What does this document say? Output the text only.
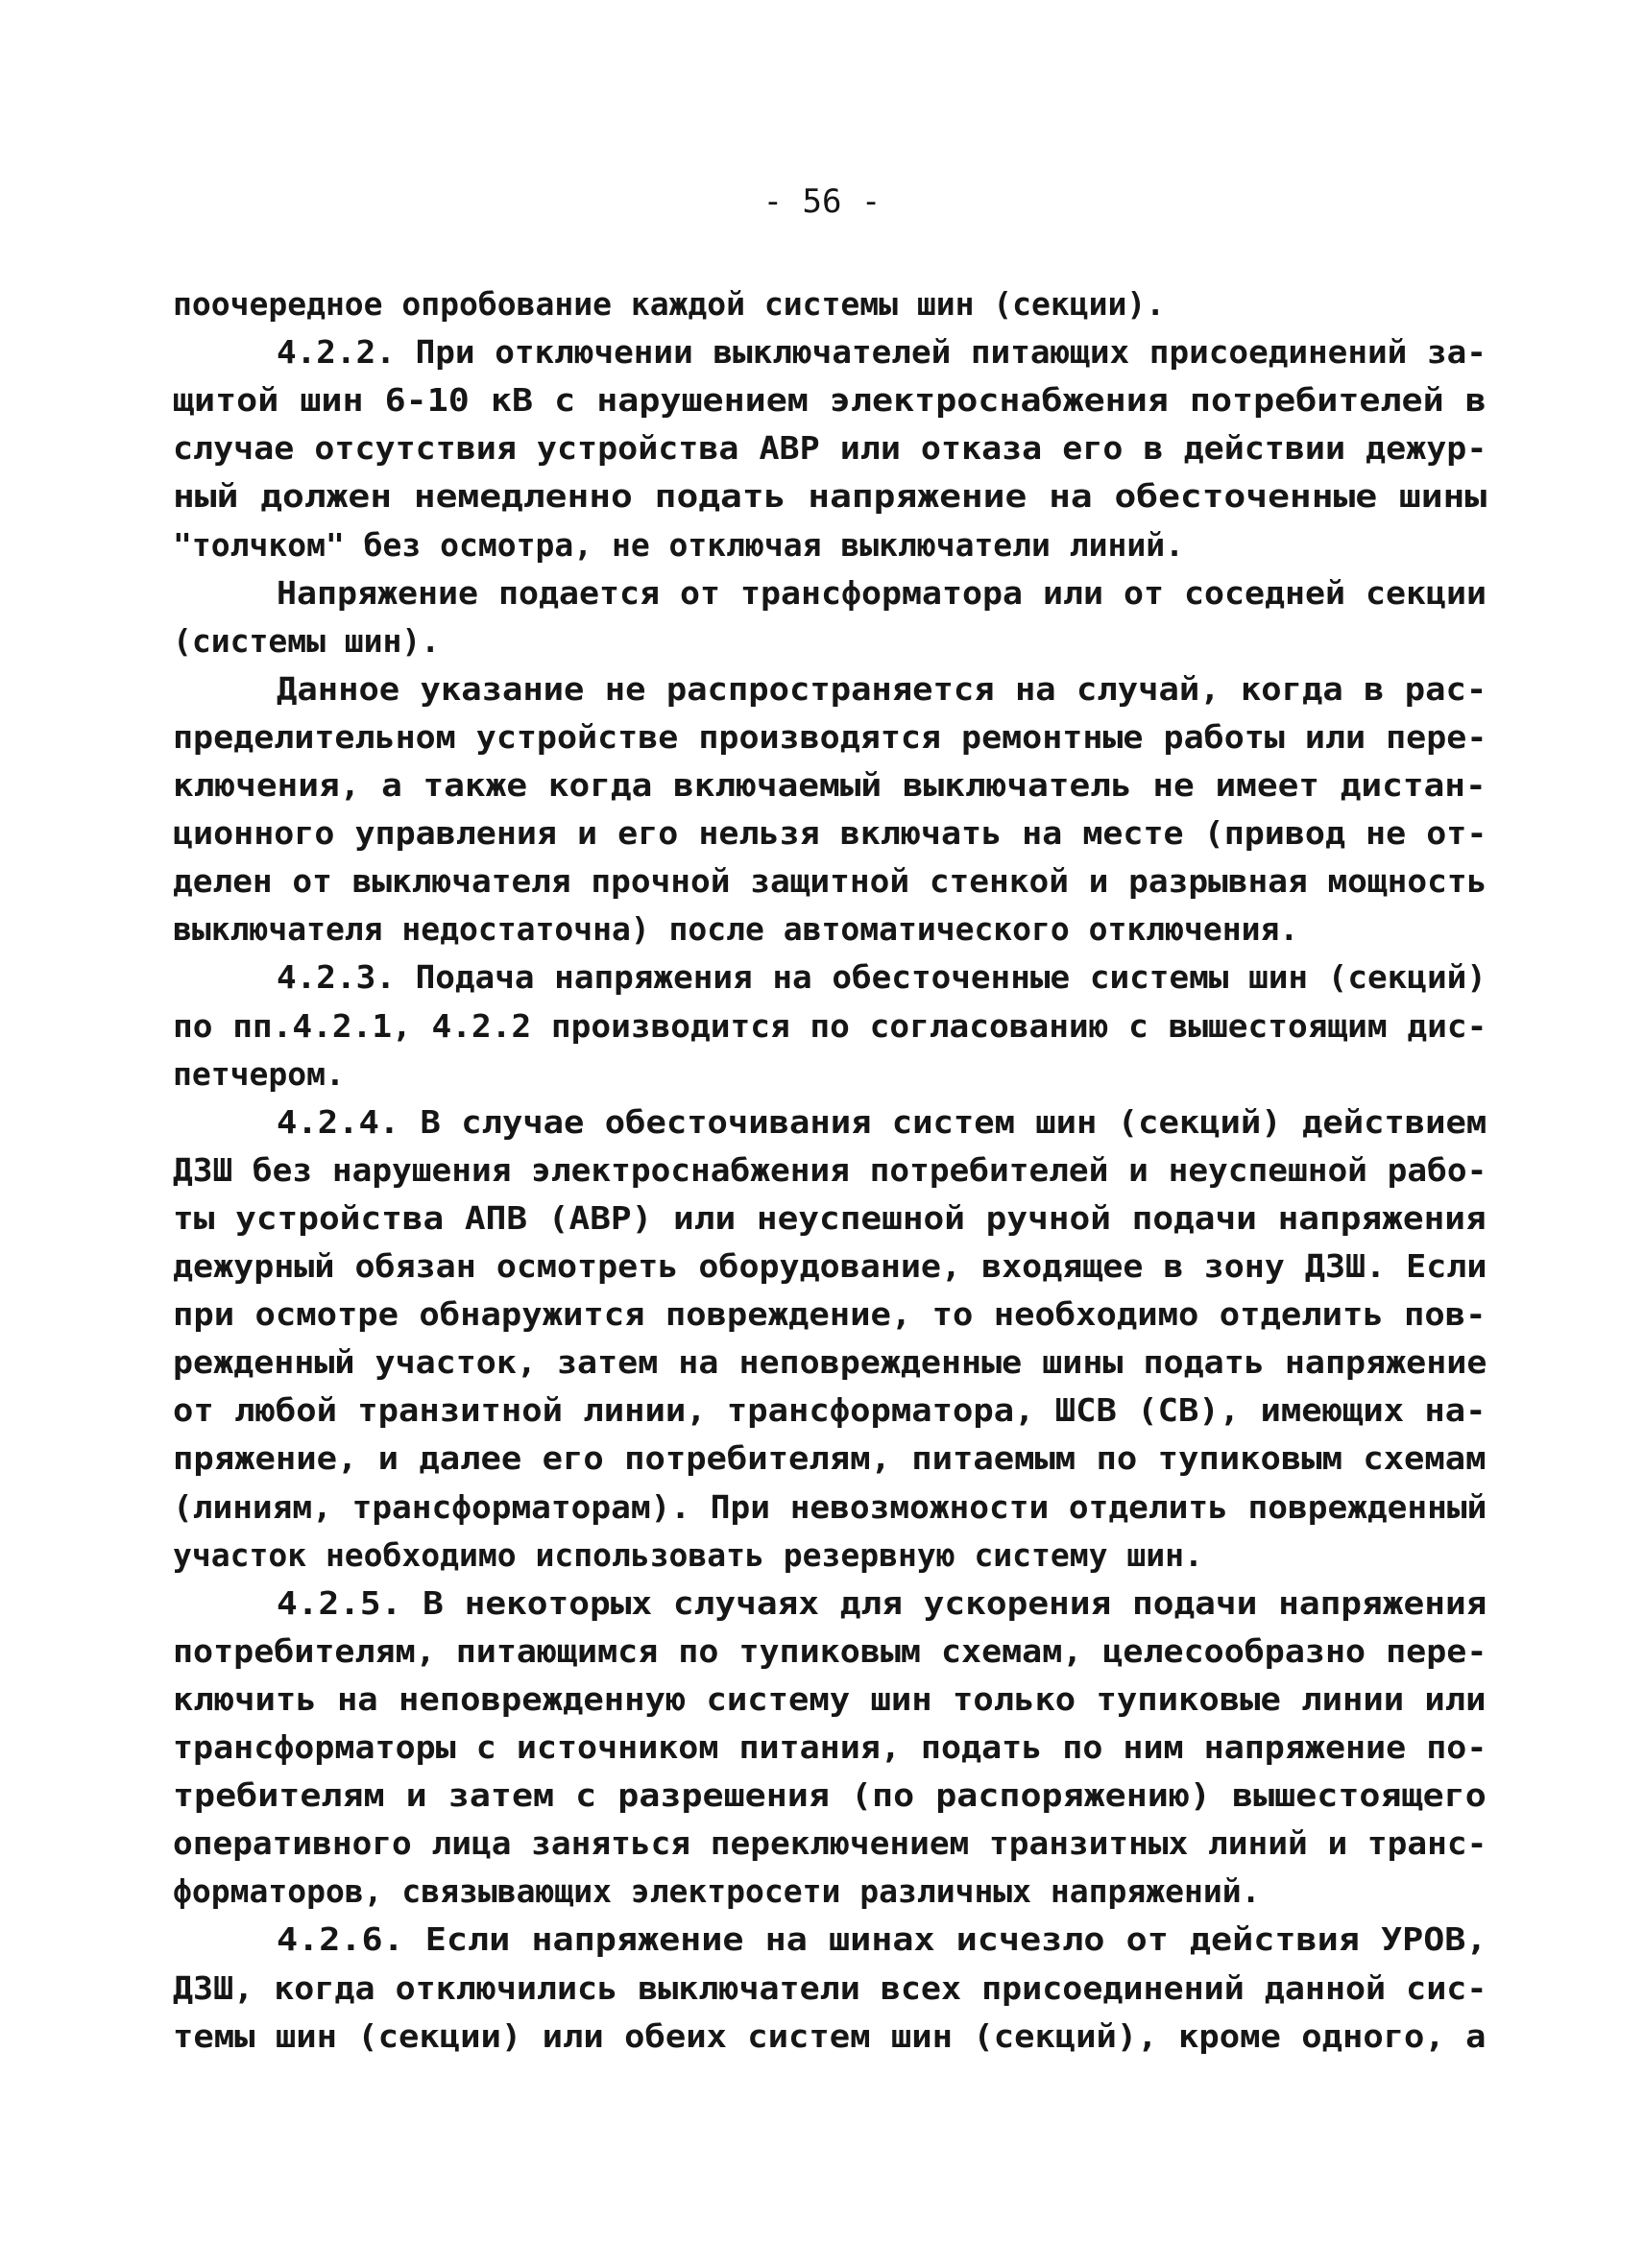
- 56 -
поочередное опробование каждой системы шин (секции).
4.2.2. При отключении выключателей питающих присоединений за-
щитой шин 6-10 кВ с нарушением электроснабжения потребителей в
случае отсутствия устройства АВР или отказа его в действии дежур-
ный должен немедленно подать напряжение на обесточенные шины
"толчком" без осмотра, не отключая выключатели линий.
Напряжение подается от трансформатора или от соседней секции
(системы шин).
Данное указание не распространяется на случай, когда в рас-
пределительном устройстве производятся ремонтные работы или пере-
ключения, а также когда включаемый выключатель не имеет дистан-
ционного управления и его нельзя включать на месте (привод не от-
делен от выключателя прочной защитной стенкой и разрывная мощность
выключателя недостаточна) после автоматического отключения.
4.2.3. Подача напряжения на обесточенные системы шин (секций)
по пп.4.2.1, 4.2.2 производится по согласованию с вышестоящим дис-
петчером.
4.2.4. В случае обесточивания систем шин (секций) действием
ДЗШ без нарушения электроснабжения потребителей и неуспешной рабо-
ты устройства АПВ (АВР) или неуспешной ручной подачи напряжения
дежурный обязан осмотреть оборудование, входящее в зону ДЗШ. Если
при осмотре обнаружится повреждение, то необходимо отделить пов-
режденный участок, затем на неповрежденные шины подать напряжение
от любой транзитной линии, трансформатора, ШСВ (СВ), имеющих на-
пряжение, и далее его потребителям, питаемым по тупиковым схемам
(линиям, трансформаторам). При невозможности отделить поврежденный
участок необходимо использовать резервную систему шин.
4.2.5. В некоторых случаях для ускорения подачи напряжения
потребителям, питающимся по тупиковым схемам, целесообразно пере-
ключить на неповрежденную систему шин только тупиковые линии или
трансформаторы с источником питания, подать по ним напряжение по-
требителям и затем с разрешения (по распоряжению) вышестоящего
оперативного лица заняться переключением транзитных линий и транс-
форматоров, связывающих электросети различных напряжений.
4.2.6. Если напряжение на шинах исчезло от действия УРОВ,
ДЗШ, когда отключились выключатели всех присоединений данной сис-
темы шин (секции) или обеих систем шин (секций), кроме одного, а
